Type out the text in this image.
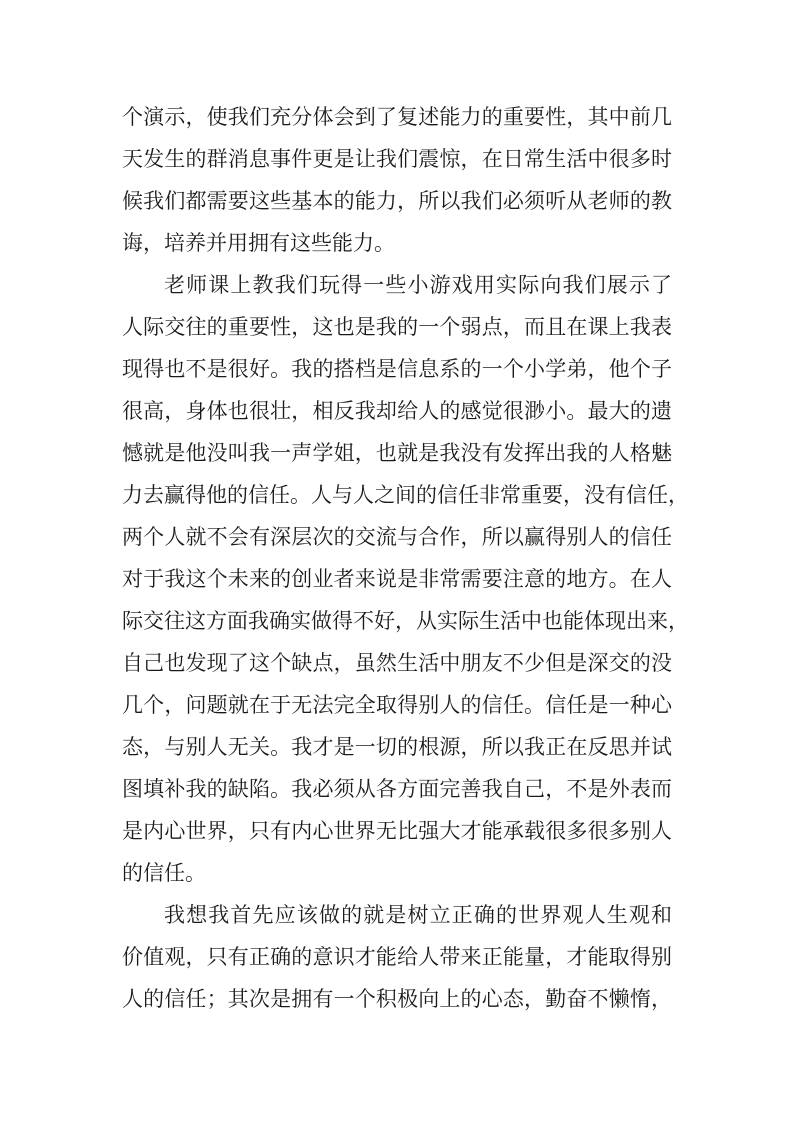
个演示，使我们充分体会到了复述能力的重要性，其中前几
天发生的群消息事件更是让我们震惊，在日常生活中很多时
候我们都需要这些基本的能力，所以我们必须听从老师的教
诲，培养并用拥有这些能力。
老师课上教我们玩得一些小游戏用实际向我们展示了
人际交往的重要性，这也是我的一个弱点，而且在课上我表
现得也不是很好。我的搭档是信息系的一个小学弟，他个子
很高，身体也很壮，相反我却给人的感觉很渺小。最大的遗
憾就是他没叫我一声学姐，也就是我没有发挥出我的人格魅
力去赢得他的信任。人与人之间的信任非常重要，没有信任，
两个人就不会有深层次的交流与合作，所以赢得别人的信任
对于我这个未来的创业者来说是非常需要注意的地方。在人
际交往这方面我确实做得不好，从实际生活中也能体现出来，
自己也发现了这个缺点，虽然生活中朋友不少但是深交的没
几个，问题就在于无法完全取得别人的信任。信任是一种心
态，与别人无关。我才是一切的根源，所以我正在反思并试
图填补我的缺陷。我必须从各方面完善我自己，不是外表而
是内心世界，只有内心世界无比强大才能承载很多很多别人
的信任。
我想我首先应该做的就是树立正确的世界观人生观和
价值观，只有正确的意识才能给人带来正能量，才能取得别
人的信任；其次是拥有一个积极向上的心态，勤奋不懒惰，
